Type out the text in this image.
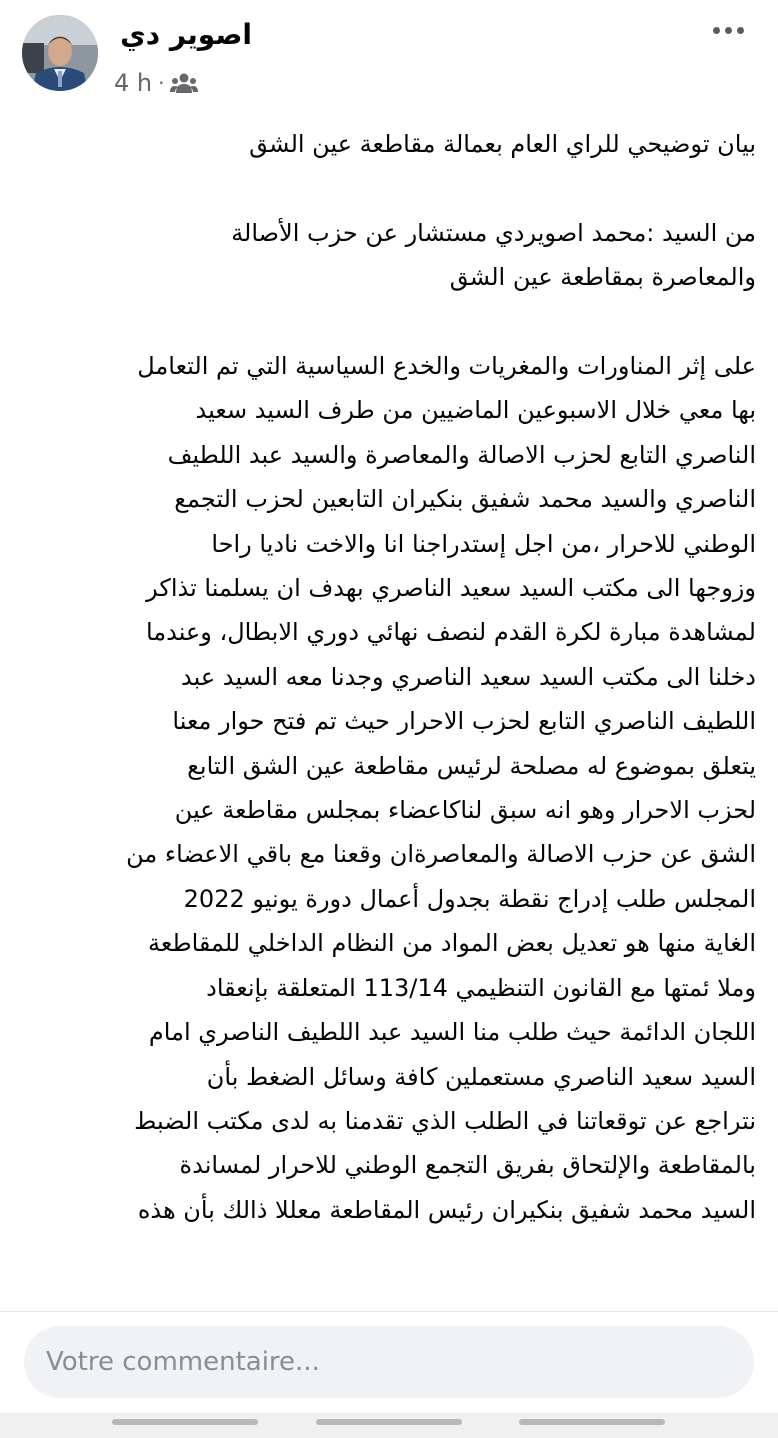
اصوير دي
4 h ·

بيان توضيحي للراي العام بعمالة مقاطعة عين الشق

من السيد :محمد اصويردي مستشار عن حزب الأصالة

والمعاصرة بمقاطعة عين الشق

على إثر المناورات والمغريات والخدع السياسية التي تم التعامل

بها معي خلال الاسبوعين الماضيين من طرف السيد سعيد

الناصري التابع لحزب الاصالة والمعاصرة والسيد عبد اللطيف

الناصري والسيد محمد شفيق بنكيران التابعين لحزب التجمع

الوطني للاحرار ،من اجل إستدراجنا انا والاخت ناديا راحا

وزوجها الى مكتب السيد سعيد الناصري بهدف ان يسلمنا تذاكر

لمشاهدة مبارة لكرة القدم لنصف نهائي دوري الابطال، وعندما

دخلنا الى مكتب السيد سعيد الناصري وجدنا معه السيد عبد

اللطيف الناصري التابع لحزب الاحرار حيث تم فتح حوار معنا

يتعلق بموضوع له مصلحة لرئيس مقاطعة عين الشق التابع

لحزب الاحرار وهو انه سبق لناكاعضاء بمجلس مقاطعة عين

الشق عن حزب الاصالة والمعاصرةان وقعنا مع باقي الاعضاء من

المجلس طلب إدراج نقطة بجدول أعمال دورة يونيو 2022

الغاية منها هو تعديل بعض المواد من النظام الداخلي للمقاطعة

وملا ئمتها مع القانون التنظيمي 113/14 المتعلقة بإنعقاد

اللجان الدائمة حيث طلب منا السيد عبد اللطيف الناصري امام

السيد سعيد الناصري مستعملين كافة وسائل الضغط بأن

نتراجع عن توقعاتنا في الطلب الذي تقدمنا به لدى مكتب الضبط

بالمقاطعة والإلتحاق بفريق التجمع الوطني للاحرار لمساندة

السيد محمد شفيق بنكيران رئيس المقاطعة معللا ذالك بأن هذه

Votre commentaire...
